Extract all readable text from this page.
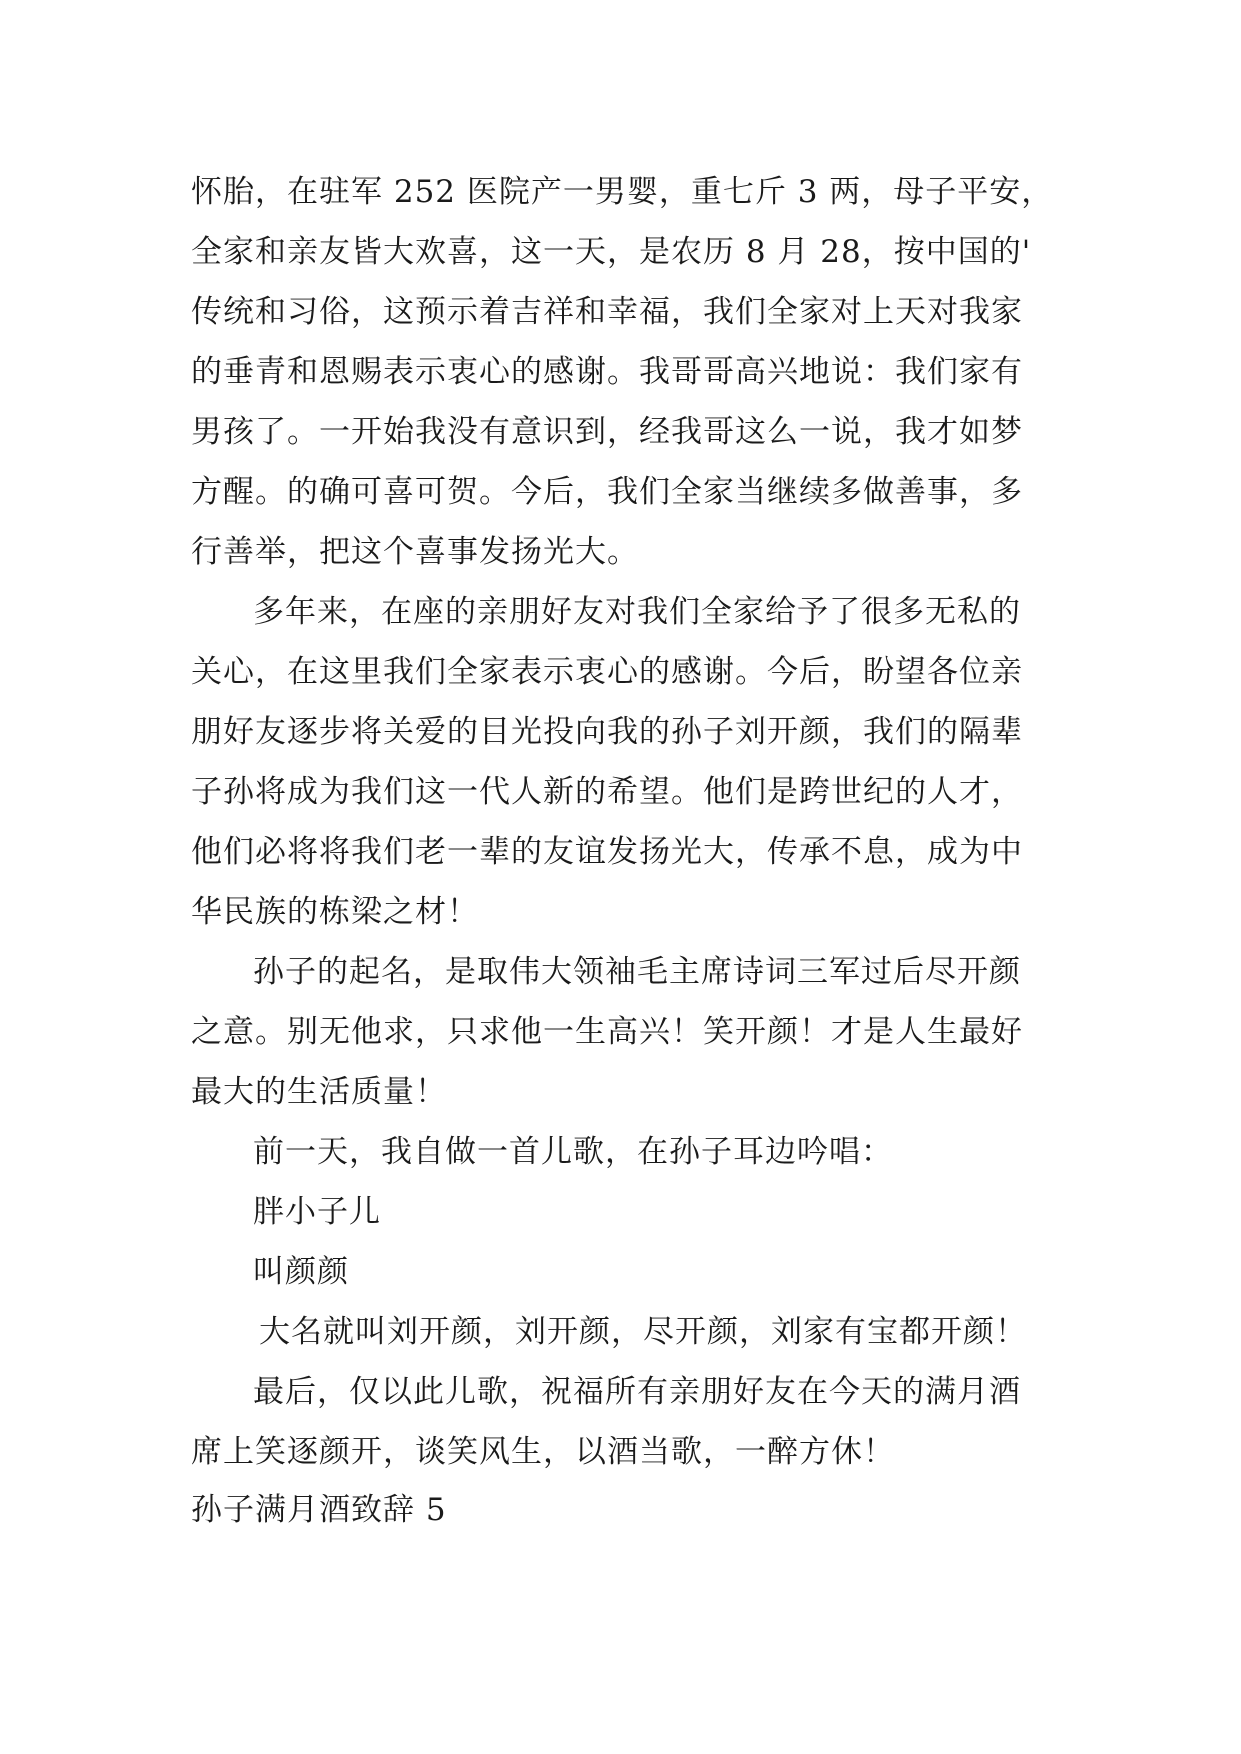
怀胎，在驻军 252 医院产一男婴，重七斤 3 两，母子平安，
全家和亲友皆大欢喜，这一天，是农历 8 月 28，按中国的'
传统和习俗，这预示着吉祥和幸福，我们全家对上天对我家
的垂青和恩赐表示衷心的感谢。我哥哥高兴地说：我们家有
男孩了。一开始我没有意识到，经我哥这么一说，我才如梦
方醒。的确可喜可贺。今后，我们全家当继续多做善事，多
行善举，把这个喜事发扬光大。
多年来，在座的亲朋好友对我们全家给予了很多无私的
关心，在这里我们全家表示衷心的感谢。今后，盼望各位亲
朋好友逐步将关爱的目光投向我的孙子刘开颜，我们的隔辈
子孙将成为我们这一代人新的希望。他们是跨世纪的人才，
他们必将将我们老一辈的友谊发扬光大，传承不息，成为中
华民族的栋梁之材！
孙子的起名，是取伟大领袖毛主席诗词三军过后尽开颜
之意。别无他求，只求他一生高兴！笑开颜！才是人生最好
最大的生活质量！
前一天，我自做一首儿歌，在孙子耳边吟唱：
胖小子儿
叫颜颜
大名就叫刘开颜，刘开颜，尽开颜，刘家有宝都开颜！
最后，仅以此儿歌，祝福所有亲朋好友在今天的满月酒
席上笑逐颜开，谈笑风生，以酒当歌，一醉方休！
孙子满月酒致辞 5
